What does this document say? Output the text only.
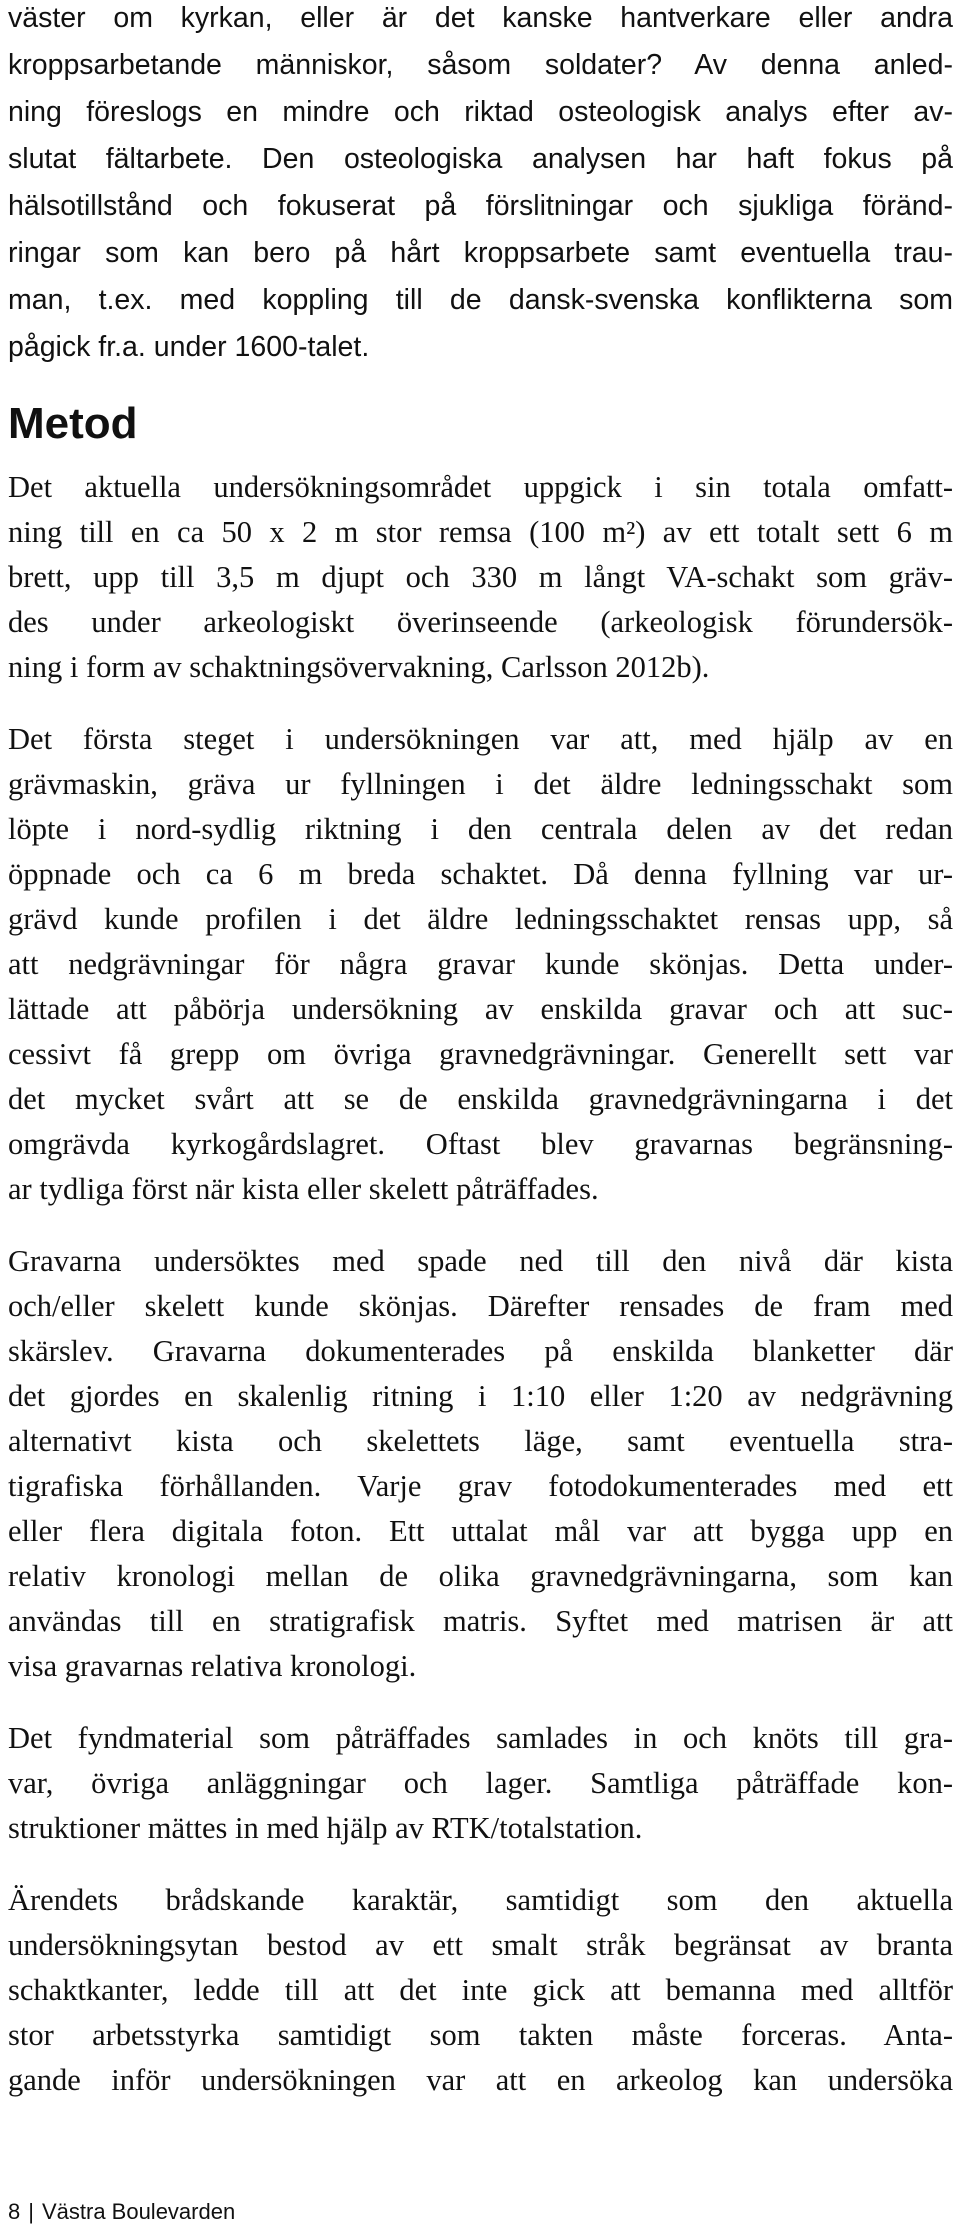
väster om kyrkan, eller är det kanske hantverkare eller andra
kroppsarbetande människor, såsom soldater? Av denna anled-
ning föreslogs en mindre och riktad osteologisk analys efter av-
slutat fältarbete. Den osteologiska analysen har haft fokus på
hälsotillstånd och fokuserat på förslitningar och sjukliga föränd-
ringar som kan bero på hårt kroppsarbete samt eventuella trau-
man, t.ex. med koppling till de dansk-svenska konflikterna som
pågick fr.a. under 1600-talet.
Metod
Det aktuella undersökningsområdet uppgick i sin totala omfatt-
ning till en ca 50 x 2 m stor remsa (100 m²) av ett totalt sett 6 m
brett, upp till 3,5 m djupt och 330 m långt VA-schakt som gräv-
des under arkeologiskt överinseende (arkeologisk förundersök-
ning i form av schaktningsövervakning, Carlsson 2012b).
Det första steget i undersökningen var att, med hjälp av en
grävmaskin, gräva ur fyllningen i det äldre ledningsschakt som
löpte i nord-sydlig riktning i den centrala delen av det redan
öppnade och ca 6 m breda schaktet. Då denna fyllning var ur-
grävd kunde profilen i det äldre ledningsschaktet rensas upp, så
att nedgrävningar för några gravar kunde skönjas. Detta under-
lättade att påbörja undersökning av enskilda gravar och att suc-
cessivt få grepp om övriga gravnedgrävningar. Generellt sett var
det mycket svårt att se de enskilda gravnedgrävningarna i det
omgrävda kyrkogårdslagret. Oftast blev gravarnas begränsning-
ar tydliga först när kista eller skelett påträffades.
Gravarna undersöktes med spade ned till den nivå där kista
och/eller skelett kunde skönjas. Därefter rensades de fram med
skärslev. Gravarna dokumenterades på enskilda blanketter där
det gjordes en skalenlig ritning i 1:10 eller 1:20 av nedgrävning
alternativt kista och skelettets läge, samt eventuella stra-
tigrafiska förhållanden. Varje grav fotodokumenterades med ett
eller flera digitala foton. Ett uttalat mål var att bygga upp en
relativ kronologi mellan de olika gravnedgrävningarna, som kan
användas till en stratigrafisk matris. Syftet med matrisen är att
visa gravarnas relativa kronologi.
Det fyndmaterial som påträffades samlades in och knöts till gra-
var, övriga anläggningar och lager. Samtliga påträffade kon-
struktioner mättes in med hjälp av RTK/totalstation.
Ärendets brådskande karaktär, samtidigt som den aktuella
undersökningsytan bestod av ett smalt stråk begränsat av branta
schaktkanter, ledde till att det inte gick att bemanna med alltför
stor arbetsstyrka samtidigt som takten måste forceras. Anta-
gande inför undersökningen var att en arkeolog kan undersöka
8 | Västra Boulevarden
